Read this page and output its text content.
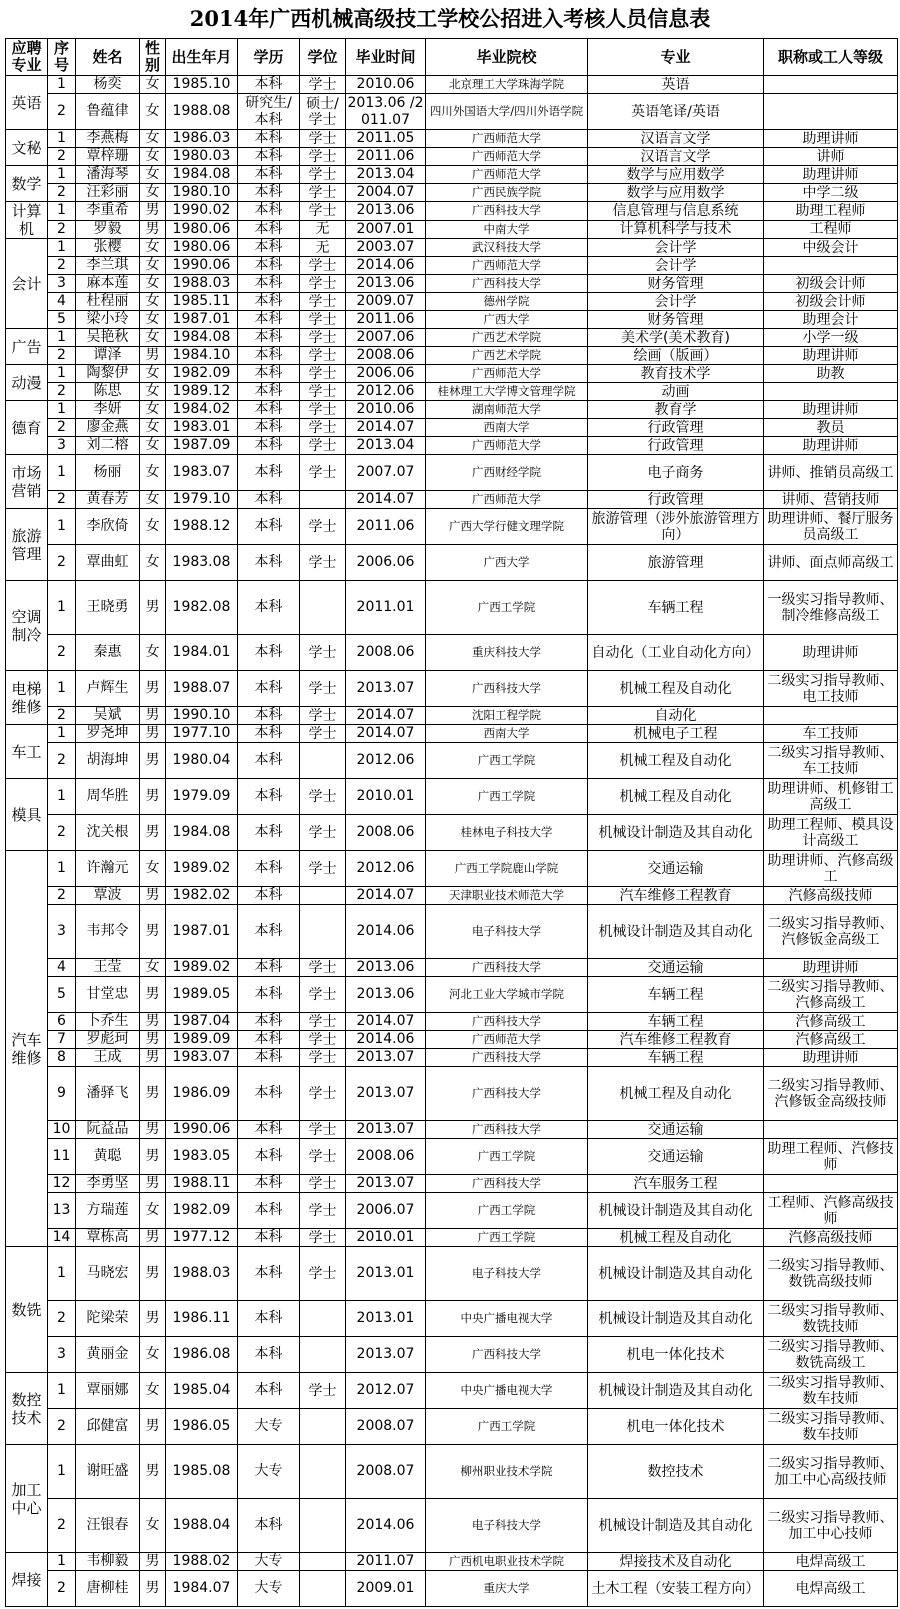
2014年广西机械高级技工学校公招进入考核人员信息表
应聘专业	序号	姓名	性别	出生年月	学历	学位	毕业时间	毕业院校	专业	职称或工人等级
英语	1	杨奕	女	1985.10	本科	学士	2010.06	北京理工大学珠海学院	英语	
	2	鲁蕴律	女	1988.08	研究生/本科	硕士/学士	2013.06 /2011.07	四川外国语大学/四川外语学院	英语笔译/英语	
文秘	1	李燕梅	女	1986.03	本科	学士	2011.05	广西师范大学	汉语言文学	助理讲师
	2	覃梓珊	女	1980.03	本科	学士	2011.06	广西师范大学	汉语言文学	讲师
数学	1	潘海琴	女	1984.08	本科	学士	2013.04	广西师范大学	数学与应用数学	助理讲师
	2	汪彩丽	女	1980.10	本科	学士	2004.07	广西民族学院	数学与应用数学	中学二级
计算机	1	李重希	男	1990.02	本科	学士	2013.06	广西科技大学	信息管理与信息系统	助理工程师
	2	罗毅	男	1980.06	本科	无	2007.01	中南大学	计算机科学与技术	工程师
会计	1	张樱	女	1980.06	本科	无	2003.07	武汉科技大学	会计学	中级会计
	2	李兰琪	女	1990.06	本科	学士	2014.06	广西师范大学	会计学	
	3	麻本莲	女	1988.03	本科	学士	2013.06	广西科技大学	财务管理	初级会计师
	4	杜程丽	女	1985.11	本科	学士	2009.07	德州学院	会计学	初级会计师
	5	梁小玲	女	1987.01	本科	学士	2011.06	广西大学	财务管理	助理会计
广告	1	吴艳秋	女	1984.08	本科	学士	2007.06	广西艺术学院	美术学(美术教育)	小学一级
	2	谭泽	男	1984.10	本科	学士	2008.06	广西艺术学院	绘画（版画）	助理讲师
动漫	1	陶黎伊	女	1982.09	本科	学士	2006.06	广西师范大学	教育技术学	助教
	2	陈思	女	1989.12	本科	学士	2012.06	桂林理工大学博文管理学院	动画	
德育	1	李妍	女	1984.02	本科	学士	2010.06	湖南师范大学	教育学	助理讲师
	2	廖金燕	女	1983.01	本科	学士	2014.07	西南大学	行政管理	教员
	3	刘二榕	女	1987.09	本科	学士	2013.04	广西师范大学	行政管理	助理讲师
市场营销	1	杨丽	女	1983.07	本科	学士	2007.07	广西财经学院	电子商务	讲师、推销员高级工
	2	黄春芳	女	1979.10	本科		2014.07	广西师范大学	行政管理	讲师、营销技师
旅游管理	1	李欣倚	女	1988.12	本科	学士	2011.06	广西大学行健文理学院	旅游管理（涉外旅游管理方向）	助理讲师、餐厅服务员高级工
	2	覃曲虹	女	1983.08	本科	学士	2006.06	广西大学	旅游管理	讲师、面点师高级工
空调制冷	1	王晓勇	男	1982.08	本科		2011.01	广西工学院	车辆工程	一级实习指导教师、制冷维修高级工
	2	秦惠	女	1984.01	本科	学士	2008.06	重庆科技大学	自动化（工业自动化方向）	助理讲师
电梯维修	1	卢辉生	男	1988.07	本科	学士	2013.07	广西科技大学	机械工程及自动化	二级实习指导教师、电工技师
	2	吴斌	男	1990.10	本科	学士	2014.07	沈阳工程学院	自动化	
车工	1	罗尧坤	男	1977.10	本科	学士	2014.07	西南大学	机械电子工程	车工技师
	2	胡海坤	男	1980.04	本科		2012.06	广西工学院	机械工程及自动化	二级实习指导教师、车工技师
模具	1	周华胜	男	1979.09	本科	学士	2010.01	广西工学院	机械工程及自动化	助理讲师、机修钳工高级工
	2	沈关根	男	1984.08	本科	学士	2008.06	桂林电子科技大学	机械设计制造及其自动化	助理工程师、模具设计高级工
汽车维修	1	许瀚元	女	1989.02	本科	学士	2012.06	广西工学院鹿山学院	交通运输	助理讲师、汽修高级工
	2	覃波	男	1982.02	本科		2014.07	天津职业技术师范大学	汽车维修工程教育	汽修高级技师
	3	韦邦令	男	1987.01	本科		2014.06	电子科技大学	机械设计制造及其自动化	二级实习指导教师、汽修钣金高级工
	4	王莹	女	1989.02	本科	学士	2013.06	广西科技大学	交通运输	助理讲师
	5	甘堂忠	男	1989.05	本科	学士	2013.06	河北工业大学城市学院	车辆工程	二级实习指导教师、汽修高级工
	6	卜乔生	男	1987.04	本科	学士	2014.07	广西科技大学	车辆工程	汽修高级工
	7	罗彪珂	男	1989.09	本科	学士	2014.06	广西师范大学	汽车维修工程教育	汽修高级工
	8	王成	男	1983.07	本科	学士	2013.07	广西科技大学	车辆工程	助理讲师
	9	潘驿飞	男	1986.09	本科	学士	2013.07	广西科技大学	机械工程及自动化	二级实习指导教师、汽修钣金高级技师
	10	阮益品	男	1990.06	本科	学士	2013.07	广西科技大学	交通运输	
	11	黄聪	男	1983.05	本科	学士	2008.06	广西工学院	交通运输	助理工程师、汽修技师
	12	李勇坚	男	1988.11	本科	学士	2013.07	广西科技大学	汽车服务工程	
	13	方瑞莲	女	1982.09	本科	学士	2006.07	广西工学院	机械设计制造及其自动化	工程师、汽修高级技师
	14	覃栋高	男	1977.12	本科	学士	2010.01	广西工学院	机械工程及自动化	汽修高级技师
数铣	1	马晓宏	男	1988.03	本科	学士	2013.01	电子科技大学	机械设计制造及其自动化	二级实习指导教师、数铣高级技师
	2	陀梁荣	男	1986.11	本科		2013.01	中央广播电视大学	机械设计制造及其自动化	二级实习指导教师、数铣技师
	3	黄丽金	女	1986.08	本科		2013.07	广西科技大学	机电一体化技术	二级实习指导教师、数铣高级工
数控技术	1	覃丽娜	女	1985.04	本科	学士	2012.07	中央广播电视大学	机械设计制造及其自动化	二级实习指导教师、数车技师
	2	邱健富	男	1986.05	大专		2008.07	广西工学院	机电一体化技术	二级实习指导教师、数车技师
加工中心	1	谢旺盛	男	1985.08	大专		2008.07	柳州职业技术学院	数控技术	二级实习指导教师、加工中心高级技师
	2	汪银春	女	1988.04	本科		2014.06	电子科技大学	机械设计制造及其自动化	二级实习指导教师、加工中心技师
焊接	1	韦柳毅	男	1988.02	大专		2011.07	广西机电职业技术学院	焊接技术及自动化	电焊高级工
	2	唐柳桂	男	1984.07	大专		2009.01	重庆大学	土木工程（安装工程方向）	电焊高级工
